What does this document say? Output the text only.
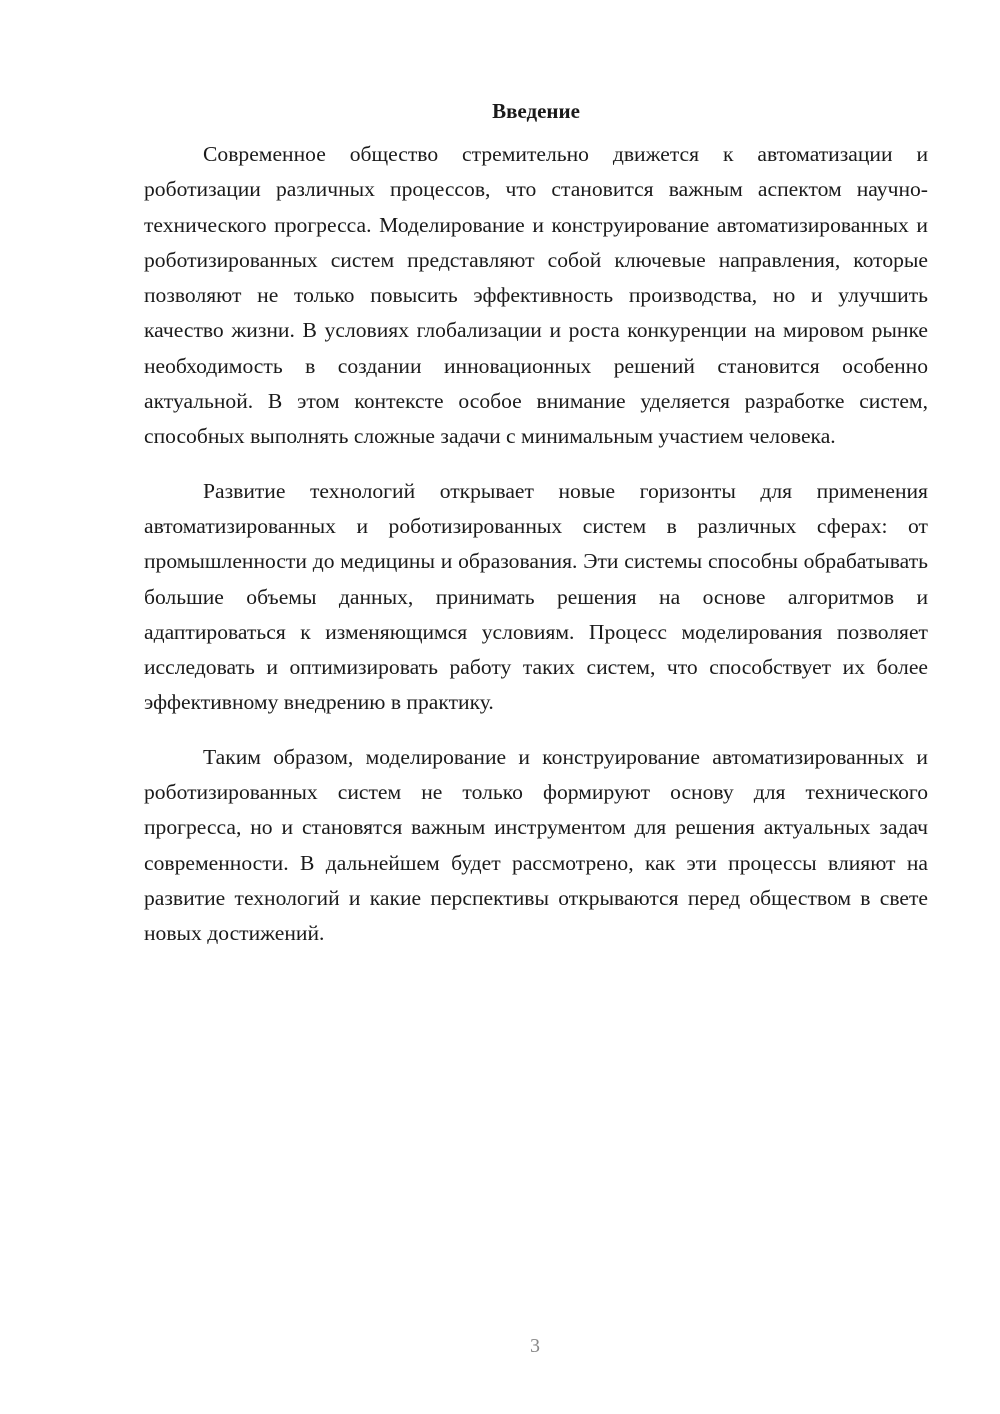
Введение

Современное общество стремительно движется к автоматизации и роботизации различных процессов, что становится важным аспектом научно-технического прогресса. Моделирование и конструирование автоматизированных и роботизированных систем представляют собой ключевые направления, которые позволяют не только повысить эффективность производства, но и улучшить качество жизни. В условиях глобализации и роста конкуренции на мировом рынке необходимость в создании инновационных решений становится особенно актуальной. В этом контексте особое внимание уделяется разработке систем, способных выполнять сложные задачи с минимальным участием человека.

Развитие технологий открывает новые горизонты для применения автоматизированных и роботизированных систем в различных сферах: от промышленности до медицины и образования. Эти системы способны обрабатывать большие объемы данных, принимать решения на основе алгоритмов и адаптироваться к изменяющимся условиям. Процесс моделирования позволяет исследовать и оптимизировать работу таких систем, что способствует их более эффективному внедрению в практику.

Таким образом, моделирование и конструирование автоматизированных и роботизированных систем не только формируют основу для технического прогресса, но и становятся важным инструментом для решения актуальных задач современности. В дальнейшем будет рассмотрено, как эти процессы влияют на развитие технологий и какие перспективы открываются перед обществом в свете новых достижений.

3
